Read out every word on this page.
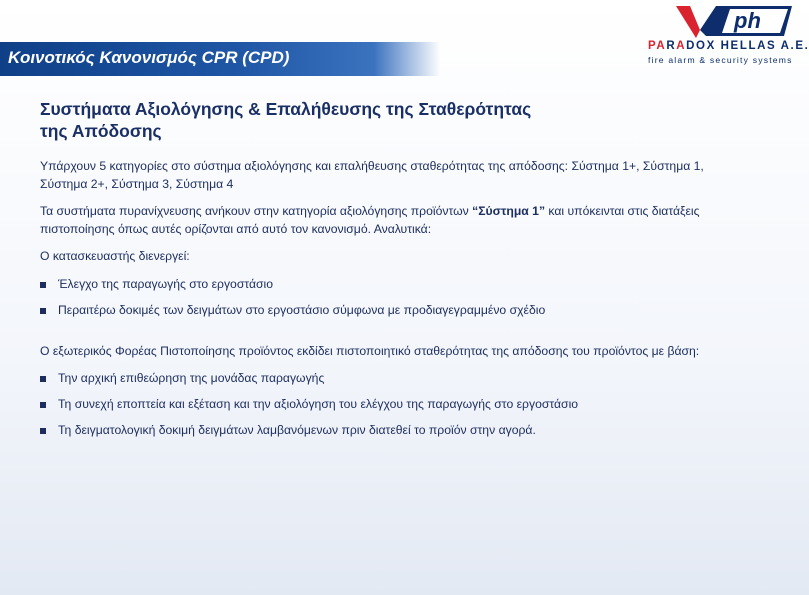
Κοινοτικός Κανονισμός CPR (CPD)
ph
PARADOX HELLAS A.E.
fire alarm & security systems
Συστήματα Αξιολόγησης & Επαλήθευσης της Σταθερότητας
της Απόδοσης

Υπάρχουν 5 κατηγορίες στο σύστημα αξιολόγησης και επαλήθευσης σταθερότητας της απόδοσης: Σύστημα 1+, Σύστημα 1, Σύστημα 2+, Σύστημα 3, Σύστημα 4

Τα συστήματα πυρανίχνευσης ανήκουν στην κατηγορία αξιολόγησης προϊόντων “Σύστημα 1” και υπόκεινται στις διατάξεις πιστοποίησης όπως αυτές ορίζονται από αυτό τον κανονισμό. Αναλυτικά:

Ο κατασκευαστής διενεργεί:

Έλεγχο της παραγωγής στο εργοστάσιο
Περαιτέρω δοκιμές των δειγμάτων στο εργοστάσιο σύμφωνα με προδιαγεγραμμένο σχέδιο

Ο εξωτερικός Φορέας Πιστοποίησης προϊόντος εκδίδει πιστοποιητικό σταθερότητας της απόδοσης του προϊόντος με βάση:

Την αρχική επιθεώρηση της μονάδας παραγωγής
Τη συνεχή εποπτεία και εξέταση και την αξιολόγηση του ελέγχου της παραγωγής στο εργοστάσιο
Τη δειγματολογική δοκιμή δειγμάτων λαμβανόμενων πριν διατεθεί το προϊόν στην αγορά.
